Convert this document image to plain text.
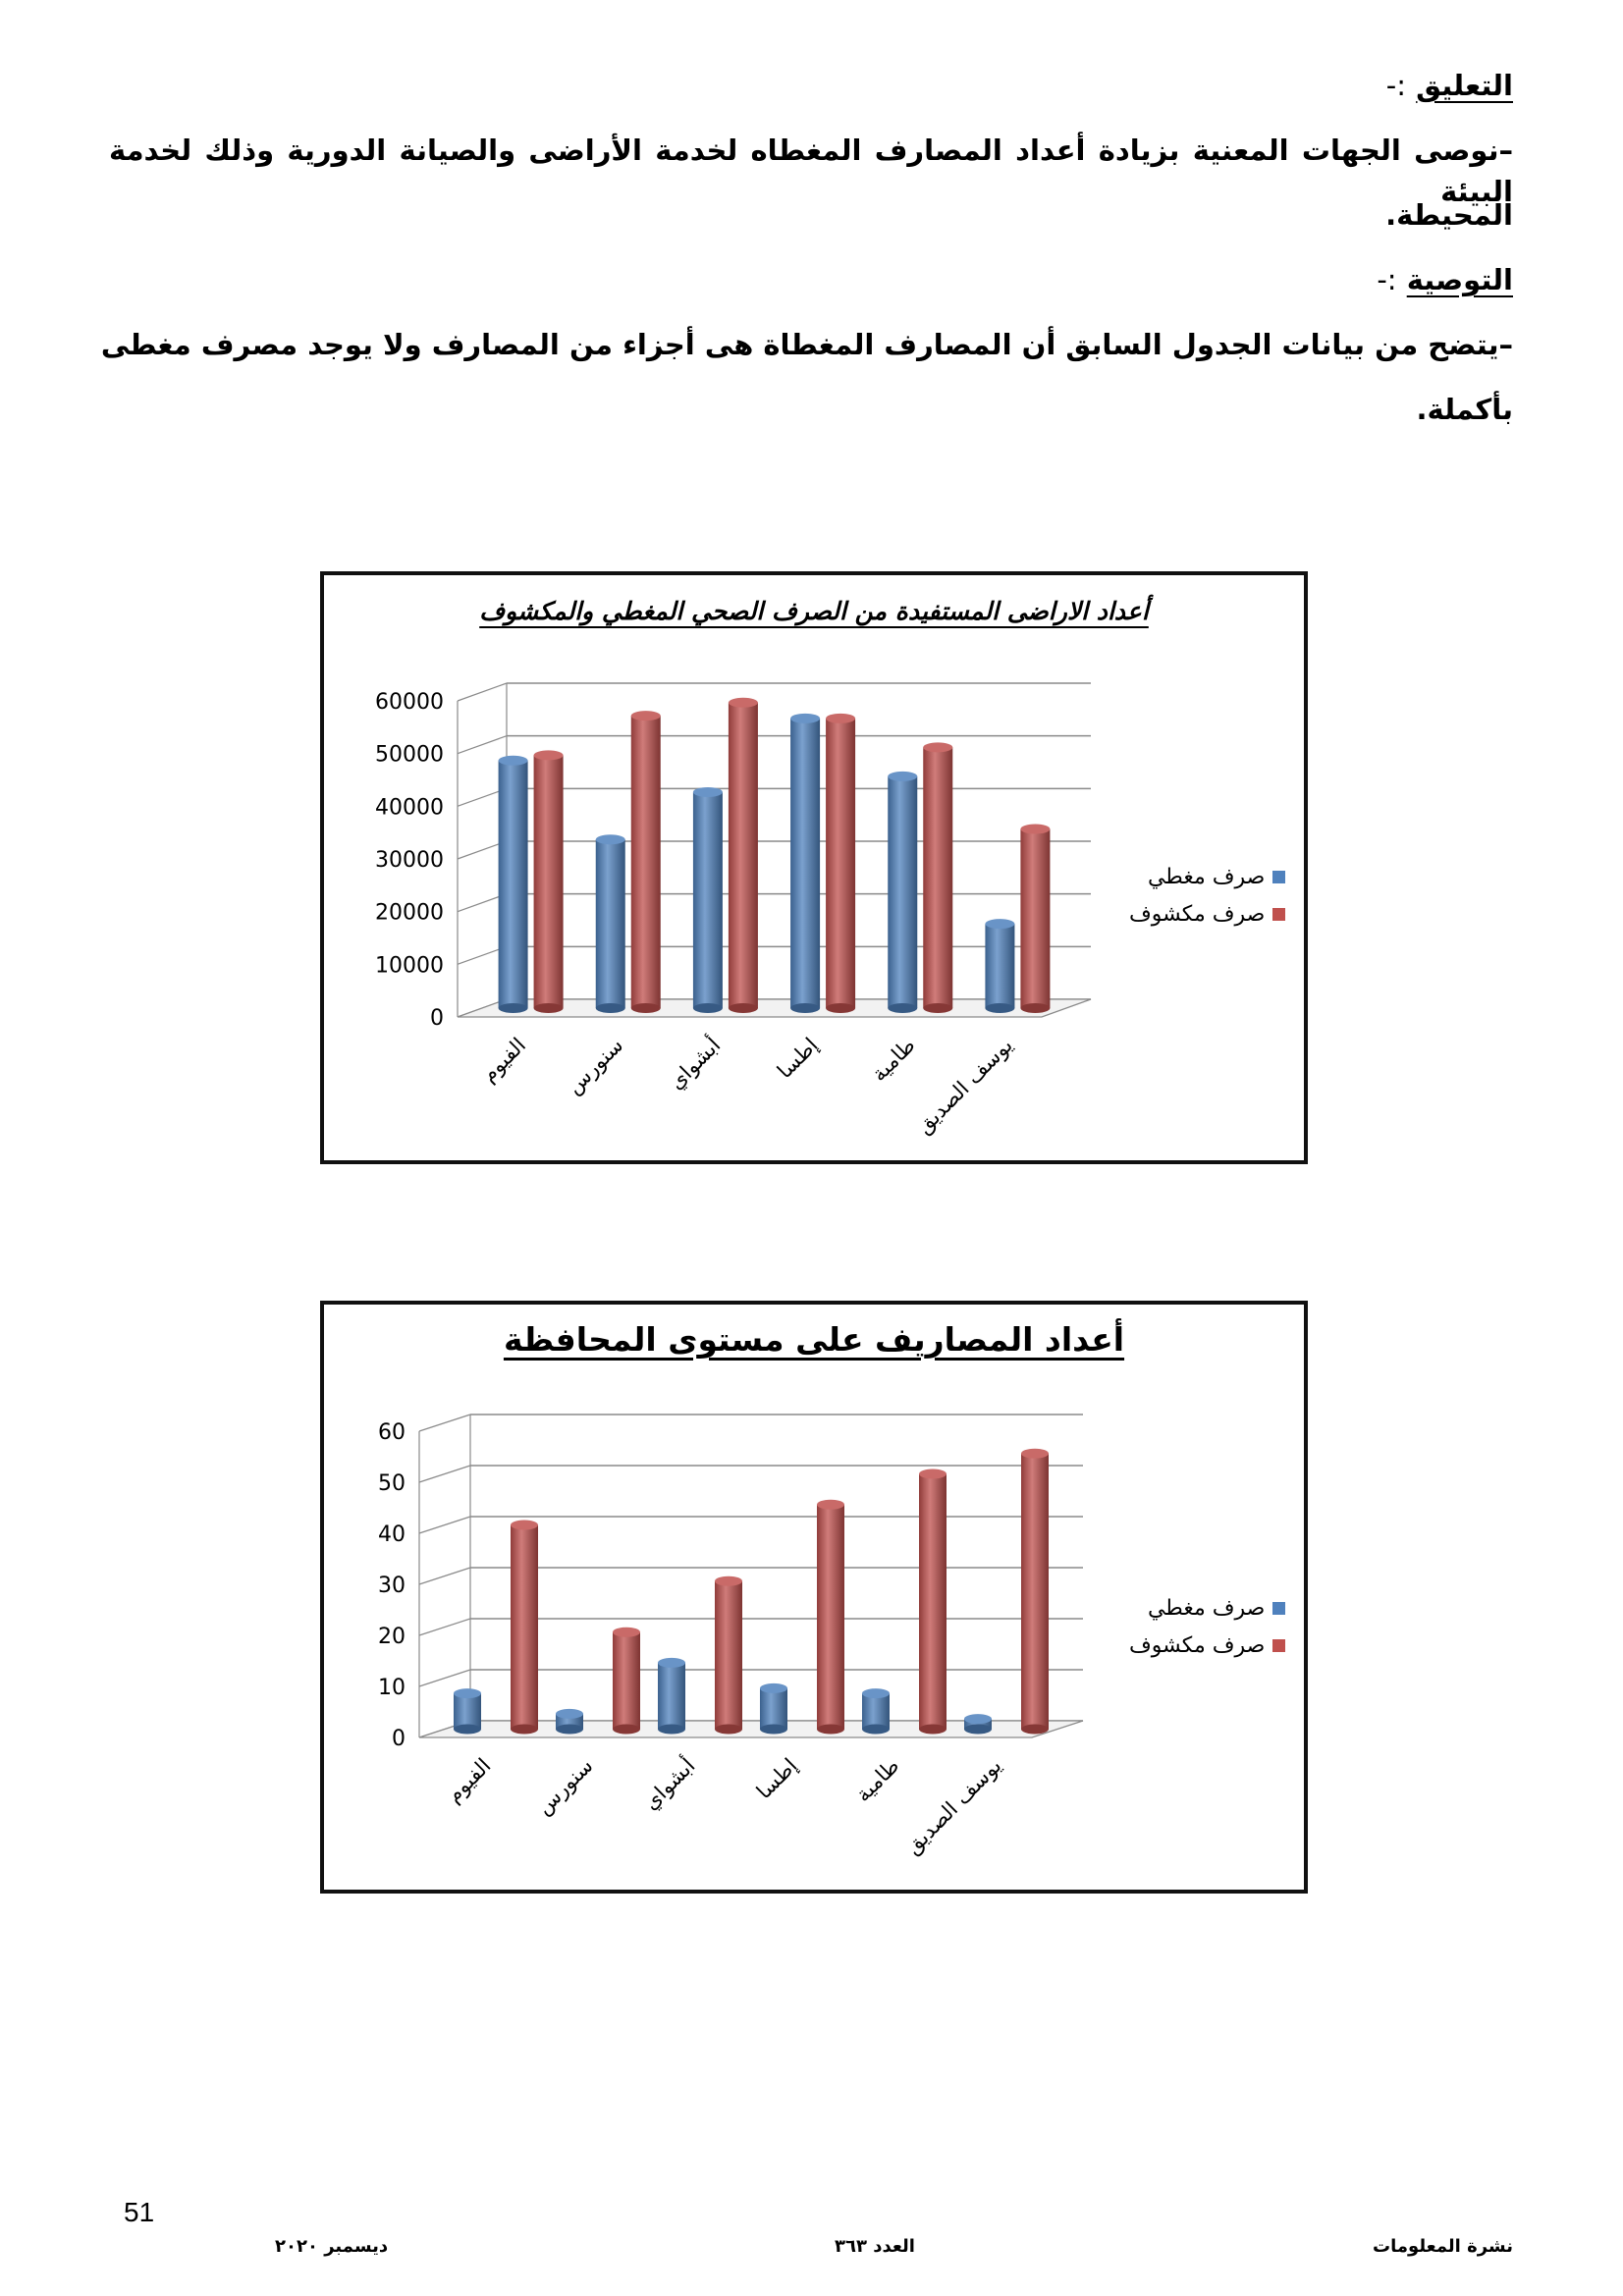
التعليق :-
–نوصى الجهات المعنية بزيادة أعداد المصارف المغطاه لخدمة الأراضى والصيانة الدورية وذلك لخدمة البيئة
المحيطة.
التوصية :-
–يتضح من بيانات الجدول السابق أن المصارف المغطاة هى أجزاء من المصارف ولا يوجد مصرف مغطى
بأكملة.
أعداد الاراضى المستفيدة من الصرف الصحي المغطي والمكشوف
0
10000
20000
30000
40000
50000
60000
الفيوم سنورس أبشواي إطسا طامية
يوسف الصديق
صرف مغطي
صرف مكشوف
أعداد المصاريف على مستوى المحافظة
0
10
20
30
40
50
60
الفيوم سنورس أبشواي	إطسا طامية
يوسف الصديق
صرف مغطي
صرف مكشوف
51
نشرة المعلومات
العدد ٣٦٣
ديسمبر ٢٠٢٠
